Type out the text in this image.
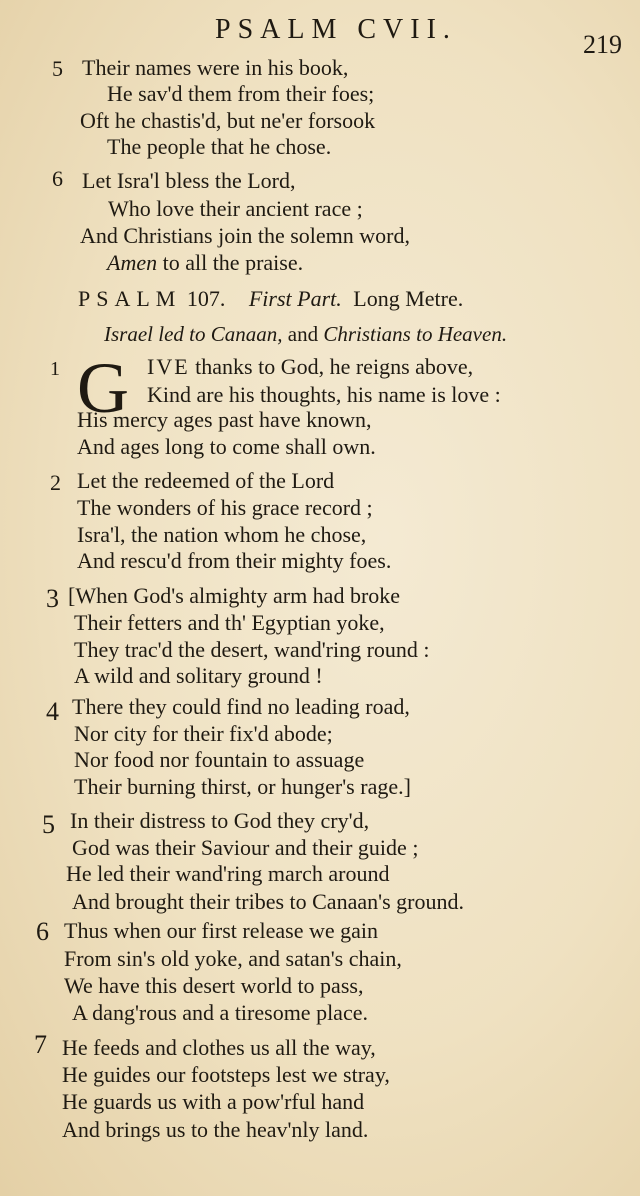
PSALM CVII.	219
5 Their names were in his book,
He sav'd them from their foes;
Oft he chastis'd, but ne'er forsook
The people that he chose.
6 Let Isra'l bless the Lord,
Who love their ancient race ;
And Christians join the solemn word,
Amen to all the praise.
PSALM 107. First Part. Long Metre.
Israel led to Canaan, and Christians to Heaven.
1 G IVE thanks to God, he reigns above,
Kind are his thoughts, his name is love :
His mercy ages past have known,
And ages long to come shall own.
2 Let the redeemed of the Lord
The wonders of his grace record ;
Isra'l, the nation whom he chose,
And rescu'd from their mighty foes.
3 [When God's almighty arm had broke
Their fetters and th' Egyptian yoke,
They trac'd the desert, wand'ring round :
A wild and solitary ground !
4 There they could find no leading road,
Nor city for their fix'd abode;
Nor food nor fountain to assuage
Their burning thirst, or hunger's rage.]
5 In their distress to God they cry'd,
God was their Saviour and their guide ;
He led their wand'ring march around
And brought their tribes to Canaan's ground.
6 Thus when our first release we gain
From sin's old yoke, and satan's chain,
We have this desert world to pass,
A dang'rous and a tiresome place.
7 He feeds and clothes us all the way,
He guides our footsteps lest we stray,
He guards us with a pow'rful hand
And brings us to the heav'nly land.
